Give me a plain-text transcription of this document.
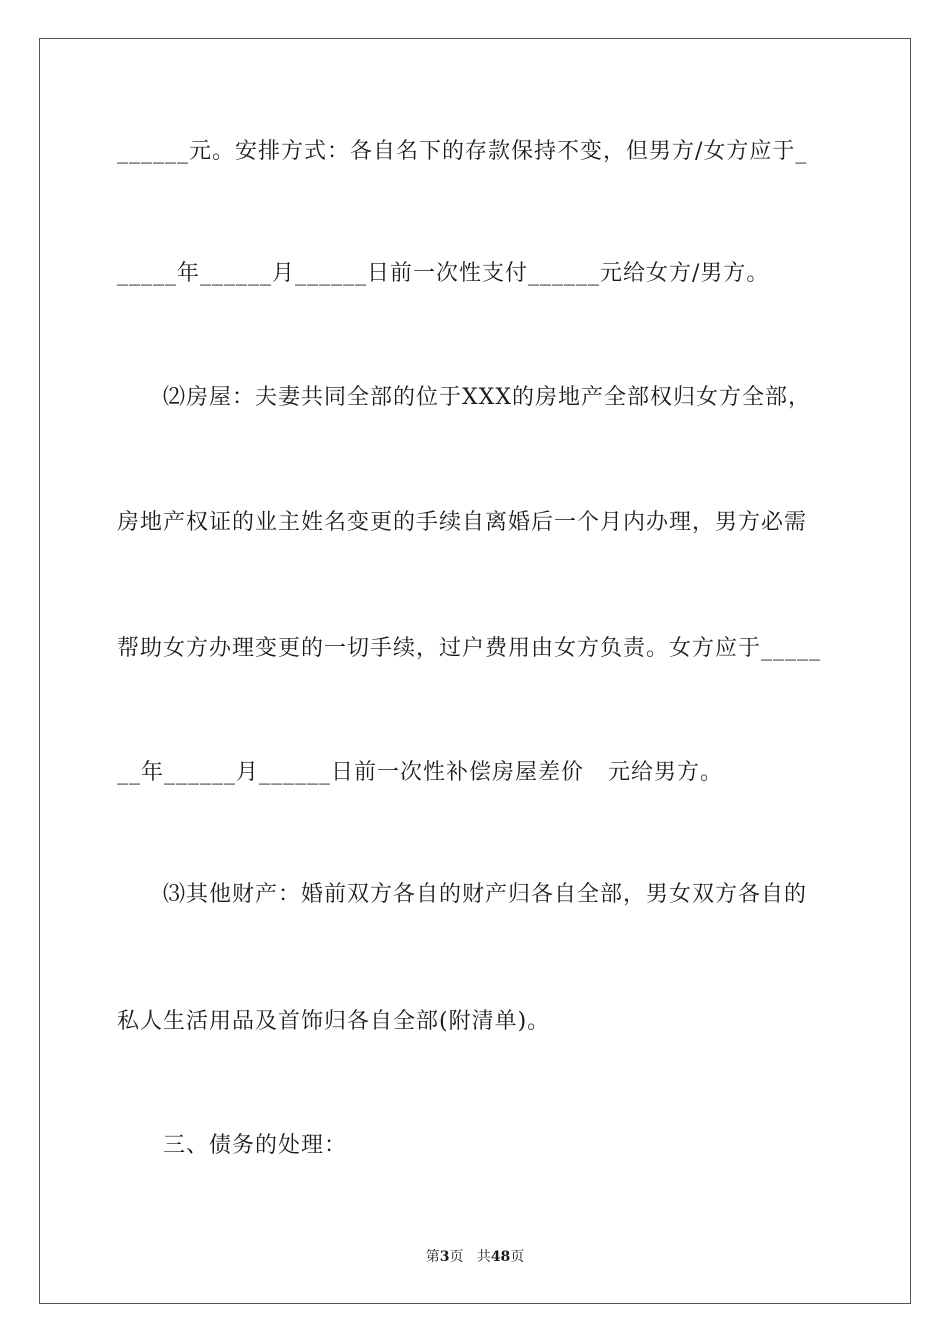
______元。安排方式：各自名下的存款保持不变，但男方/女方应于_
_____年______月______日前一次性支付______元给女方/男方。
⑵房屋：夫妻共同全部的位于XXX的房地产全部权归女方全部，
房地产权证的业主姓名变更的手续自离婚后一个月内办理，男方必需
帮助女方办理变更的一切手续，过户费用由女方负责。女方应于_____
__年______月______日前一次性补偿房屋差价   元给男方。
⑶其他财产：婚前双方各自的财产归各自全部，男女双方各自的
私人生活用品及首饰归各自全部(附清单)。
三、债务的处理：
第3页 共48页
